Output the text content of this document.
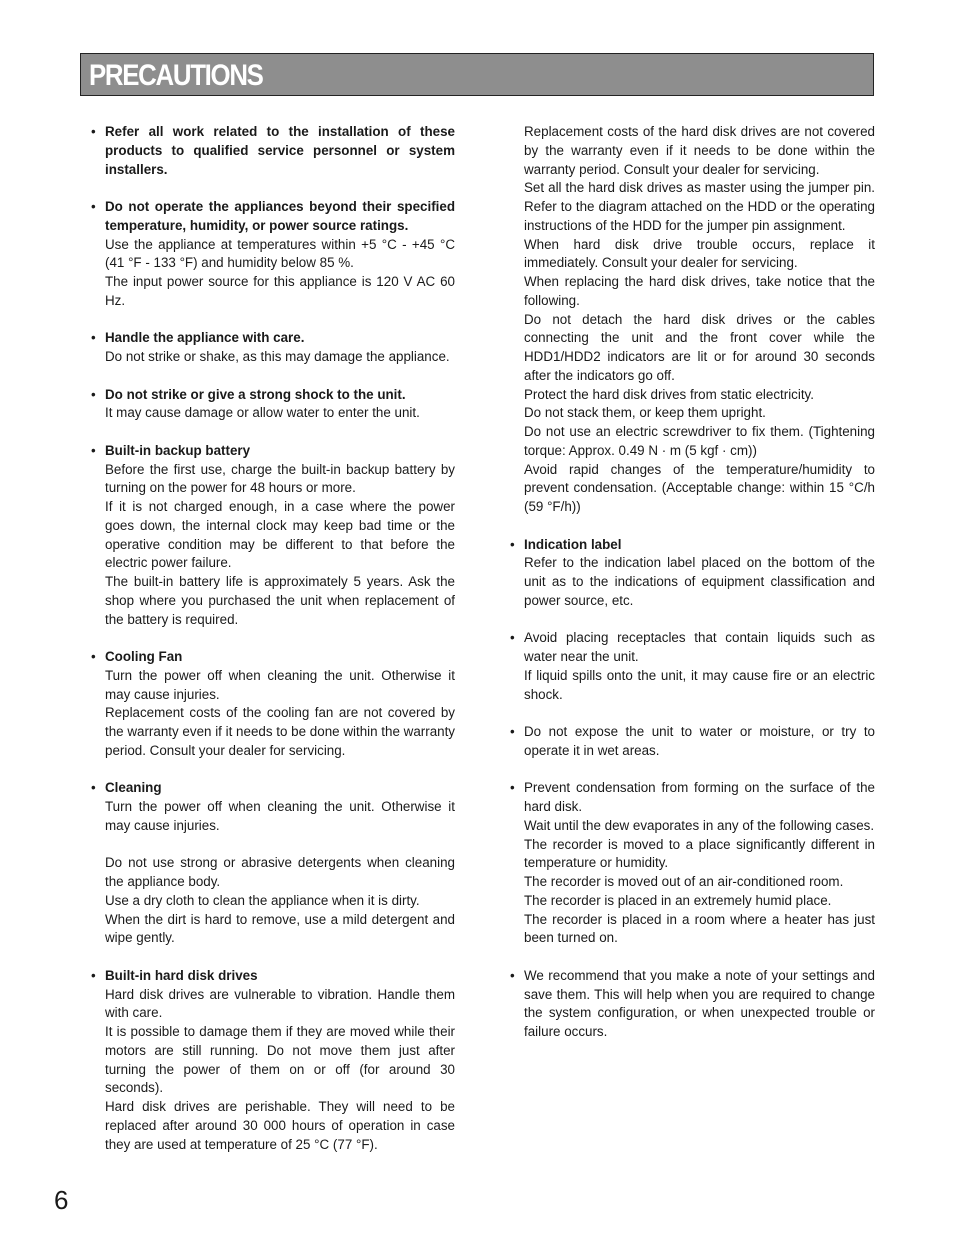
PRECAUTIONS
• Refer all work related to the installation of these products to qualified service personnel or system installers.

• Do not operate the appliances beyond their specified temperature, humidity, or power source ratings.

Use the appliance at temperatures within +5 °C - +45 °C (41 °F - 133 °F) and humidity below 85 %.

The input power source for this appliance is 120 V AC 60 Hz.

• Handle the appliance with care.

Do not strike or shake, as this may damage the appliance.

• Do not strike or give a strong shock to the unit.

It may cause damage or allow water to enter the unit.

• Built-in backup battery

Before the first use, charge the built-in backup battery by turning on the power for 48 hours or more.

If it is not charged enough, in a case where the power goes down, the internal clock may keep bad time or the operative condition may be different to that before the electric power failure.

The built-in battery life is approximately 5 years. Ask the shop where you purchased the unit when replacement of the battery is required.

• Cooling Fan

Turn the power off when cleaning the unit. Otherwise it may cause injuries.

Replacement costs of the cooling fan are not covered by the warranty even if it needs to be done within the warranty period. Consult your dealer for servicing.

• Cleaning

Turn the power off when cleaning the unit. Otherwise it may cause injuries.

Do not use strong or abrasive detergents when cleaning the appliance body.

Use a dry cloth to clean the appliance when it is dirty.

When the dirt is hard to remove, use a mild detergent and wipe gently.

• Built-in hard disk drives

Hard disk drives are vulnerable to vibration. Handle them with care.

It is possible to damage them if they are moved while their motors are still running. Do not move them just after turning the power of them on or off (for around 30 seconds).

Hard disk drives are perishable. They will need to be replaced after around 30 000 hours of operation in case they are used at temperature of 25 °C (77 °F).

Replacement costs of the hard disk drives are not covered by the warranty even if it needs to be done within the warranty period. Consult your dealer for servicing.

Set all the hard disk drives as master using the jumper pin. Refer to the diagram attached on the HDD or the operating instructions of the HDD for the jumper pin assignment.

When hard disk drive trouble occurs, replace it immediately. Consult your dealer for servicing.

When replacing the hard disk drives, take notice that the following.

Do not detach the hard disk drives or the cables connecting the unit and the front cover while the HDD1/HDD2 indicators are lit or for around 30 seconds after the indicators go off.

Protect the hard disk drives from static electricity.

Do not stack them, or keep them upright.

Do not use an electric screwdriver to fix them. (Tightening torque: Approx. 0.49 N · m (5 kgf · cm))

Avoid rapid changes of the temperature/humidity to prevent condensation. (Acceptable change: within 15 °C/h (59 °F/h))

• Indication label

Refer to the indication label placed on the bottom of the unit as to the indications of equipment classification and power source, etc.

• Avoid placing receptacles that contain liquids such as water near the unit.

If liquid spills onto the unit, it may cause fire or an electric shock.

• Do not expose the unit to water or moisture, or try to operate it in wet areas.

• Prevent condensation from forming on the surface of the hard disk.

Wait until the dew evaporates in any of the following cases.

The recorder is moved to a place significantly different in temperature or humidity.

The recorder is moved out of an air-conditioned room.

The recorder is placed in an extremely humid place.

The recorder is placed in a room where a heater has just been turned on.

• We recommend that you make a note of your settings and save them. This will help when you are required to change the system configuration, or when unexpected trouble or failure occurs.

6
